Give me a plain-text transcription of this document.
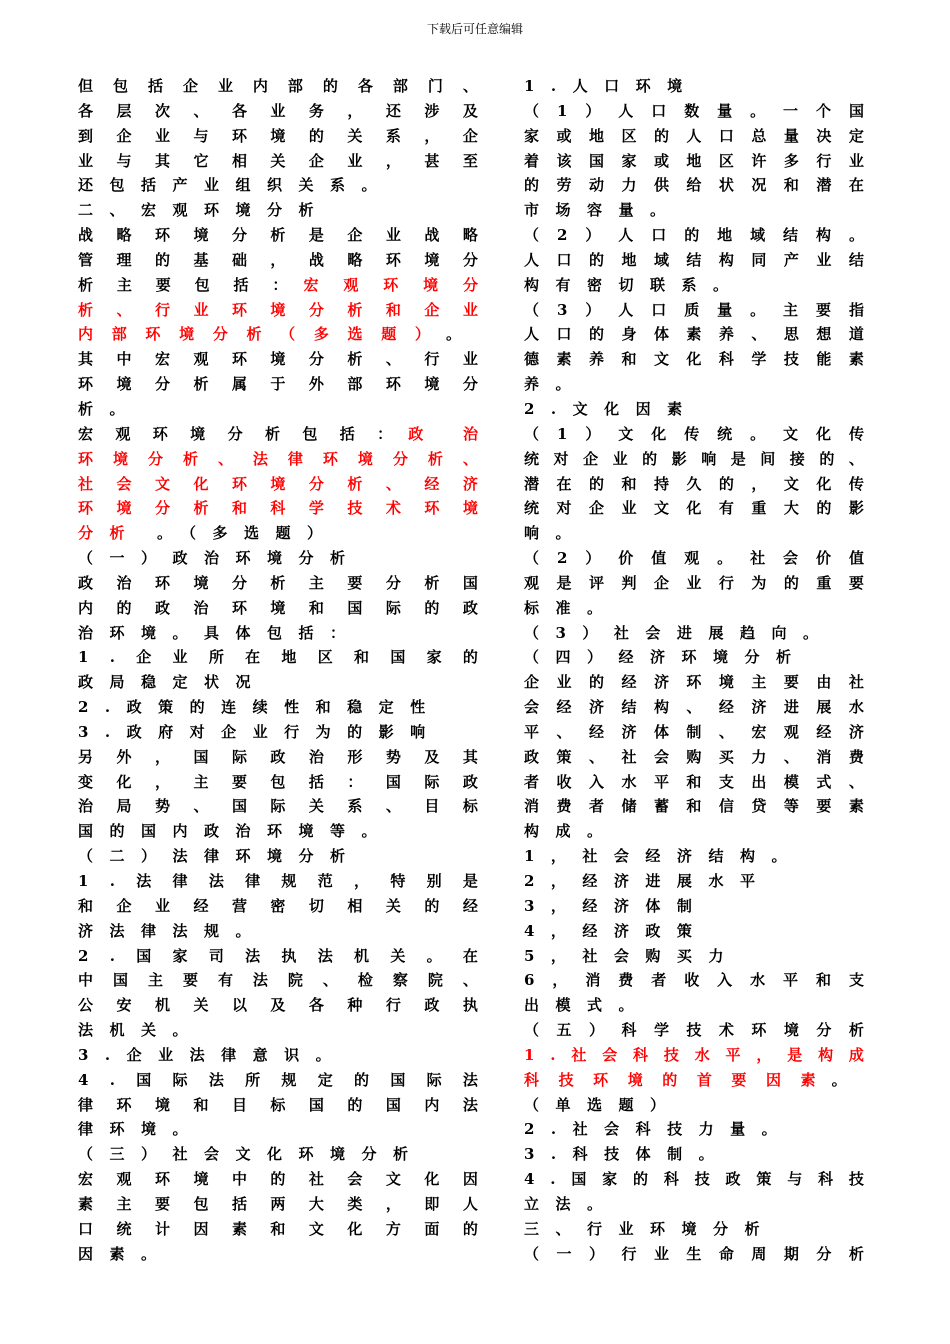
下载后可任意编辑
但 包 括 企 业 内 部 的 各 部 门 、
各 层 次 、 各 业 务 ， 还 涉 及
到 企 业 与 环 境 的 关 系 ， 企
业 与 其 它 相 关 企 业 ， 甚 至
还包括产业组织关系。
二、宏观环境分析
战 略 环 境 分 析 是 企 业 战 略
管 理 的 基 础 ， 战 略 环 境 分
析 主 要 包 括 ： 宏 观 环 境 分
析 、 行 业 环 境 分 析 和 企 业
内 部 环 境 分 析 （ 多 选 题 ） 。
其 中 宏 观 环 境 分 析 、 行 业
环 境 分 析 属 于 外 部 环 境 分
析。
宏 观 环 境 分 析 包 括 ： 政	治
环 境 分 析 、 法 律 环 境 分 析 、
社 会 文 化 环 境 分 析 、 经 济
环 境 分 析 和 科 学 技 术 环 境
分析 。（多选题）
（一）政治环境分析
政 治 环 境 分 析 主 要 分 析 国
内 的 政 治 环 境 和 国 际 的 政
治环境。具体包括：
1 . 企 业 所 在 地 区 和 国 家 的
政局稳定状况
2.政策的连续性和稳定性
3.政府对企业行为的影响
另 外 ， 国 际 政 治 形 势 及 其
变 化 ， 主 要 包 括 ： 国 际 政
治 局 势 、 国 际 关 系 、 目 标
国的国内政治环境等。
（二）法律环境分析
1 . 法 律 法 律 规 范 ， 特 别 是
和 企 业 经 营 密 切 相 关 的 经
济法律法规。
2 . 国 家 司 法 执 法 机 关 。 在
中 国 主 要 有 法 院 、 检 察 院 、
公 安 机 关 以 及 各 种 行 政 执
法机关。
3.企业法律意识。
4 . 国 际 法 所 规 定 的 国 际 法
律 环 境 和 目 标 国 的 国 内 法
律环境。
（三）社会文化环境分析
宏 观 环 境 中 的 社 会 文 化 因
素 主 要 包 括 两 大 类 ， 即 人
口 统 计 因 素 和 文 化 方 面 的
因素。
1.人口环境
（ 1 ） 人 口 数 量 。 一 个 国
家 或 地 区 的 人 口 总 量 决 定
着 该 国 家 或 地 区 许 多 行 业
的 劳 动 力 供 给 状 况 和 潜 在
市场容量。
（ 2 ） 人 口 的 地 域 结 构 。
人 口 的 地 域 结 构 同 产 业 结
构有密切联系。
（ 3 ） 人 口 质 量 。 主 要 指
人 口 的 身 体 素 养 、 思 想 道
德 素 养 和 文 化 科 学 技 能 素
养。
2.文化因素
（ 1 ） 文 化 传 统 。 文 化 传
统 对 企 业 的 影 响 是 间 接 的 、
潜 在 的 和 持 久 的 ， 文 化 传
统 对 企 业 文 化 有 重 大 的 影
响。
（ 2 ） 价 值 观 。 社 会 价 值
观 是 评 判 企 业 行 为 的 重 要
标准。
（3）社会进展趋向。
（四）经济环境分析
企 业 的 经 济 环 境 主 要 由 社
会 经 济 结 构 、 经 济 进 展 水
平 、 经 济 体 制 、 宏 观 经 济
政 策 、 社 会 购 买 力 、 消 费
者 收 入 水 平 和 支 出 模 式 、
消 费 者 储 蓄 和 信 贷 等 要 素
构成。
1，社会经济结构。
2，经济进展水平
3，经济体制
4，经济政策
5，社会购买力
6 ， 消 费 者 收 入 水 平 和 支
出模式。
（ 五 ） 科 学 技 术 环 境 分 析
1 . 社 会 科 技 水 平 ， 是 构 成
科 技 环 境 的 首 要 因 素 。
（单选题）
2.社会科技力量。
3.科技体制。
4 . 国 家 的 科 技 政 策 与 科 技
立法。
三、行业环境分析
（ 一 ） 行 业 生 命 周 期 分 析
